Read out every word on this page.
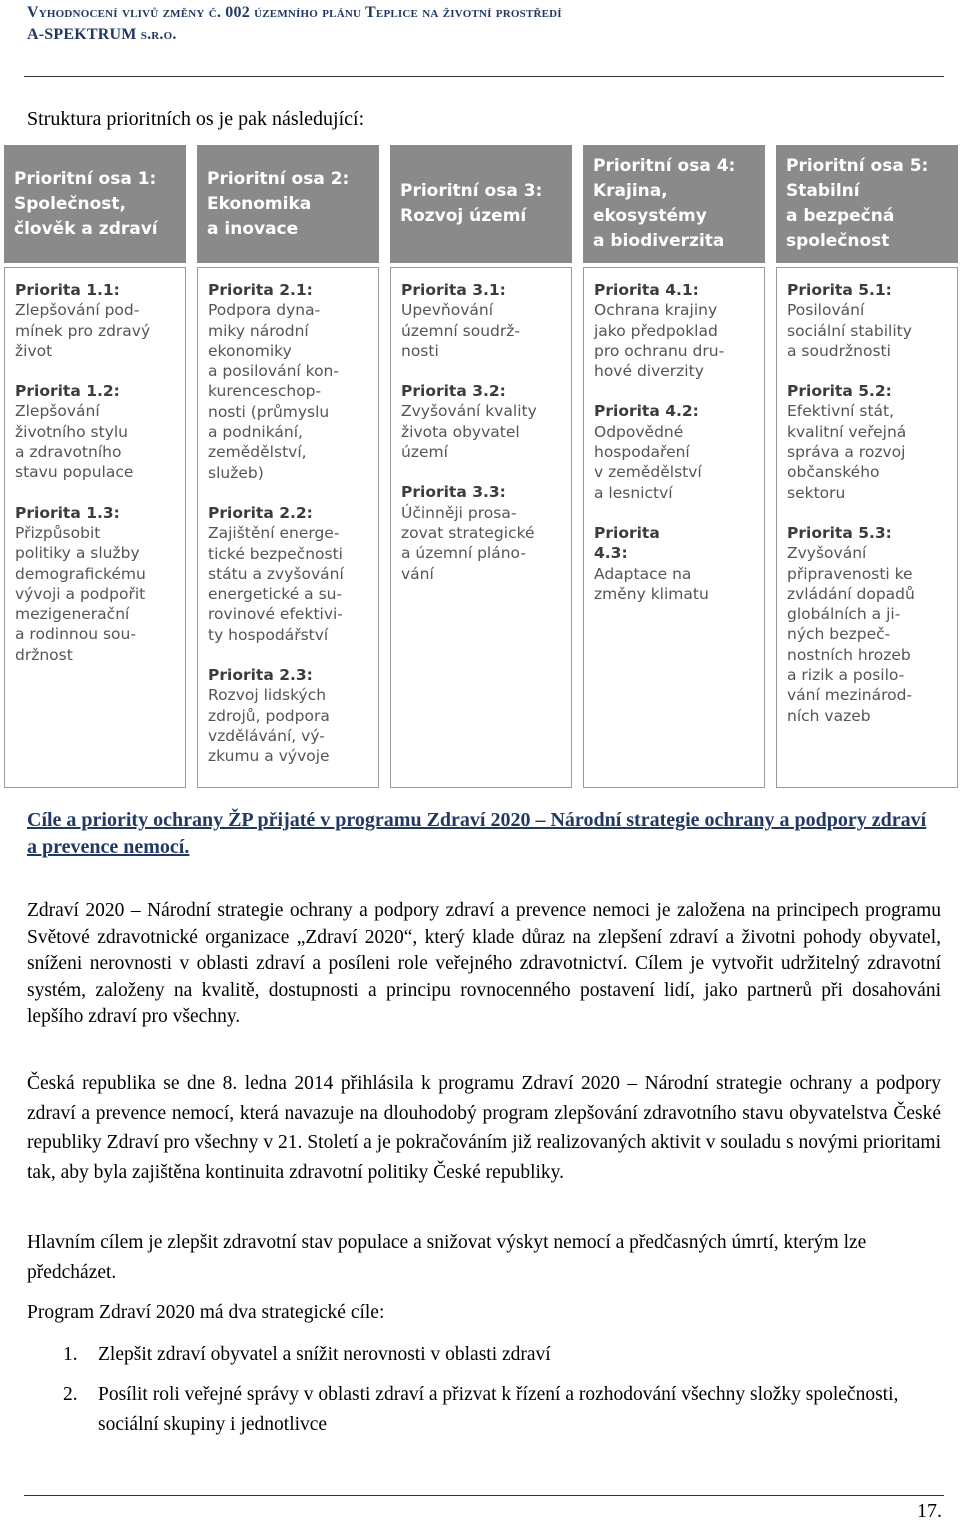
Vyhodnocení vlivů změny č. 002 územního plánu Teplice na životní prostředí
A-SPEKTRUM s.r.o.
Struktura prioritních os je pak následující:
Prioritní osa 1:
Společnost,
člověk a zdraví
Priorita 1.1:
Zlepšování pod-
mínek pro zdravý
život
Priorita 1.2:
Zlepšování
životního stylu
a zdravotního
stavu populace
Priorita 1.3:
Přizpůsobit
politiky a služby
demografickému
vývoji a podpořit
mezigenerační
a rodinnou sou-
držnost
Prioritní osa 2:
Ekonomika
a inovace
Priorita 2.1:
Podpora dyna-
miky národní
ekonomiky
a posilování kon-
kurenceschop-
nosti (průmyslu
a podnikání,
zemědělství,
služeb)
Priorita 2.2:
Zajištění energe-
tické bezpečnosti
státu a zvyšování
energetické a su-
rovinové efektivi-
ty hospodářství
Priorita 2.3:
Rozvoj lidských
zdrojů, podpora
vzdělávání, vý-
zkumu a vývoje
Prioritní osa 3:
Rozvoj území
Priorita 3.1:
Upevňování
územní soudrž-
nosti
Priorita 3.2:
Zvyšování kvality
života obyvatel
území
Priorita 3.3:
Účinněji prosa-
zovat strategické
a územní pláno-
vání
Prioritní osa 4:
Krajina,
ekosystémy
a biodiverzita
Priorita 4.1:
Ochrana krajiny
jako předpoklad
pro ochranu dru-
hové diverzity
Priorita 4.2:
Odpovědné
hospodaření
v zemědělství
a lesnictví
Priorita
4.3:
Adaptace na
změny klimatu
Prioritní osa 5:
Stabilní
a bezpečná
společnost
Priorita 5.1:
Posilování
sociální stability
a soudržnosti
Priorita 5.2:
Efektivní stát,
kvalitní veřejná
správa a rozvoj
občanského
sektoru
Priorita 5.3:
Zvyšování
připravenosti ke
zvládání dopadů
globálních a ji-
ných bezpeč-
nostních hrozeb
a rizik a posilo-
vání mezinárod-
ních vazeb
Cíle a priority ochrany ŽP přijaté v programu Zdraví 2020 – Národní strategie ochrany a podpory zdraví a prevence nemocí.
Zdraví 2020 – Národní strategie ochrany a podpory zdraví a prevence nemoci je založena na principech programu Světové zdravotnické organizace „Zdraví 2020“, který klade důraz na zlepšení zdraví a životni pohody obyvatel, sníženi nerovnosti v oblasti zdraví a posíleni role veřejného zdravotnictví. Cílem je vytvořit udržitelný zdravotní systém, založeny na kvalitě, dostupnosti a principu rovnocenného postavení lidí, jako partnerů při dosahováni lepšího zdraví pro všechny.
Česká republika se dne 8. ledna 2014 přihlásila k programu Zdraví 2020 – Národní strategie ochrany a podpory zdraví a prevence nemocí, která navazuje na dlouhodobý program zlepšování zdravotního stavu obyvatelstva České republiky Zdraví pro všechny v 21. Století a je pokračováním již realizovaných aktivit v souladu s novými prioritami tak, aby byla zajištěna kontinuita zdravotní politiky České republiky.
Hlavním cílem je zlepšit zdravotní stav populace a snižovat výskyt nemocí a předčasných úmrtí, kterým lze předcházet.
Program Zdraví 2020 má dva strategické cíle:
1. Zlepšit zdraví obyvatel a snížit nerovnosti v oblasti zdraví
2. Posílit roli veřejné správy v oblasti zdraví a přizvat k řízení a rozhodování všechny složky společnosti, sociální skupiny i jednotlivce
17.
